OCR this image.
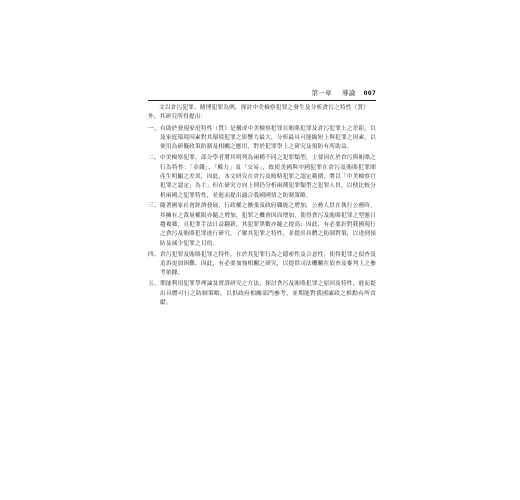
第一章 導論 007

文以倉污犯罪、賭博犯罪為例，探討中美檢察犯罪之發生及分析貪污之特性（質）外，其研究所得提出：

一、 有助於發現家庭特性（質）是構成中美檢察犯罪在賄賂犯罪及倉污犯罪上之差距，以及家庭環境因素對其環境犯罪之影響力最大，分析最具可能縮短上與犯罪之因素，以便用為研擬政策防制及相關之應用，對於犯罪學上之研究及預防有所助益。
二、 中美檢察犯罪，部分學者將其明列為兩種不同之犯罪類型，主要因在於倉污與賄賂之行為特性：「金錢」、「權力」及「交易」，致使美國與中國犯罪在倉污及賄賂犯罪間產生明顯之差異，因此，本文研究在倉污及賄賂犯罪之認定範圍，將以「中美檢察官犯罪之認定」為主；但在研究方向上則仍分析兩種犯罪類型之犯罪人員，以便比較分析兩國之犯罪特性，並進而提出適合我國國情之防制策略。
三、 隨著國家社會經濟發展，行政權之擴張及政府職能之增加，公務人員在執行公務時，其擁有之裁量權限亦隨之增加，犯罪之機會因而增加，使得貪污及賄賂犯罪之型態日趨複雜，且犯罪手法日益翻新，其犯罪黑數亦隨之提高；因此，有必要針對我國現行之貪污及賄賂犯罪進行研究，了解其犯罪之特性，並提出具體之防制對策，以達到預防及減少犯罪之目的。
四、 倉污犯罪及賄賂犯罪之特性，在於其犯罪行為之隱密性及合意性，使得犯罪之偵查及追訴更加困難，因此，有必要加強相關之研究，以提供司法機關在偵查及審判上之參考依據。
五、 期能利用犯罪學理論及實證研究之方法，探討貪污及賄賂犯罪之原因及特性，進而提出具體可行之防制策略，以供政府相關部門參考，並期能對我國廉政之推動有所貢獻。
